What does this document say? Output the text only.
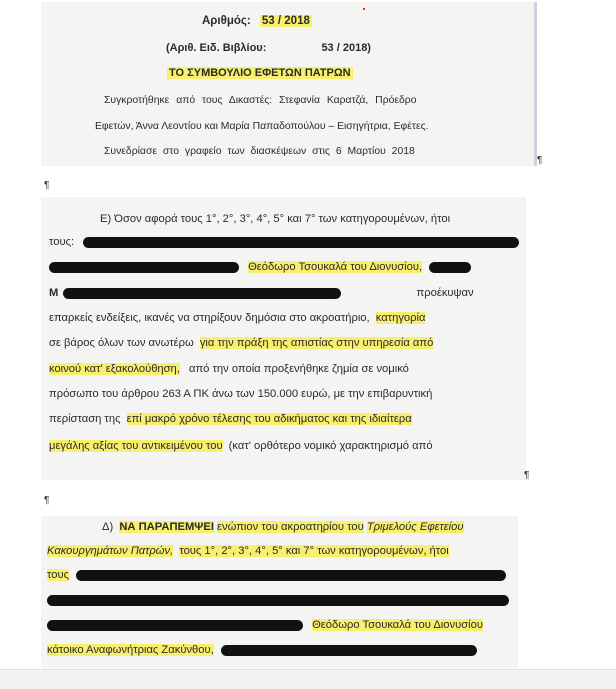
Αριθμός: 53 / 2018
(Αριθ. Ειδ. Βιβλίου:	53 / 2018)
ΤΟ ΣΥΜΒΟΥΛΙΟ ΕΦΕΤΩΝ ΠΑΤΡΩΝ
Συγκροτήθηκε από τους Δικαστές: Στεφανία Καρατζά, Πρόεδρο
Εφετών, Άννα Λεοντίου και Μαρία Παπαδοπούλου – Εισηγήτρια, Εφέτες.
Συνεδρίασε στο γραφείο των διασκέψεων στις 6 Μαρτίου 2018
¶
¶
Ε) Όσον αφορά τους 1°, 2°, 3°, 4°, 5° και 7° των κατηγορουμένων, ήτοι
τους:
Θεόδωρο Τσουκαλά του Διονυσίου,
Μ	προέκυψαν
επαρκείς ενδείξεις, ικανές να στηρίξουν δημόσια στο ακροατήριο, κατηγορία
σε βάρος όλων των ανωτέρω για την πράξη της απιστίας στην υπηρεσία από
κοινού κατ' εξακολούθηση, από την οποία προξενήθηκε ζημία σε νομικό
πρόσωπο του άρθρου 263 Α ΠΚ άνω των 150.000 ευρώ, με την επιβαρυντική
περίσταση της επί μακρό χρόνο τέλεσης του αδικήματος και της ιδιαίτερα
μεγάλης αξίας του αντικειμένου του (κατ' ορθότερο νομικό χαρακτηρισμό από
¶
¶
Δ) ΝΑ ΠΑΡΑΠΕΜΨΕΙ ενώπιον του ακροατηρίου του Τριμελούς Εφετείου
Κακουργημάτων Πατρών, τους 1°, 2°, 3°, 4°, 5° και 7° των κατηγορουμένων, ήτοι
τους
Θεόδωρο Τσουκαλά του Διονυσίου
κάτοικο Αναφωνήτριας Ζακύνθου,
